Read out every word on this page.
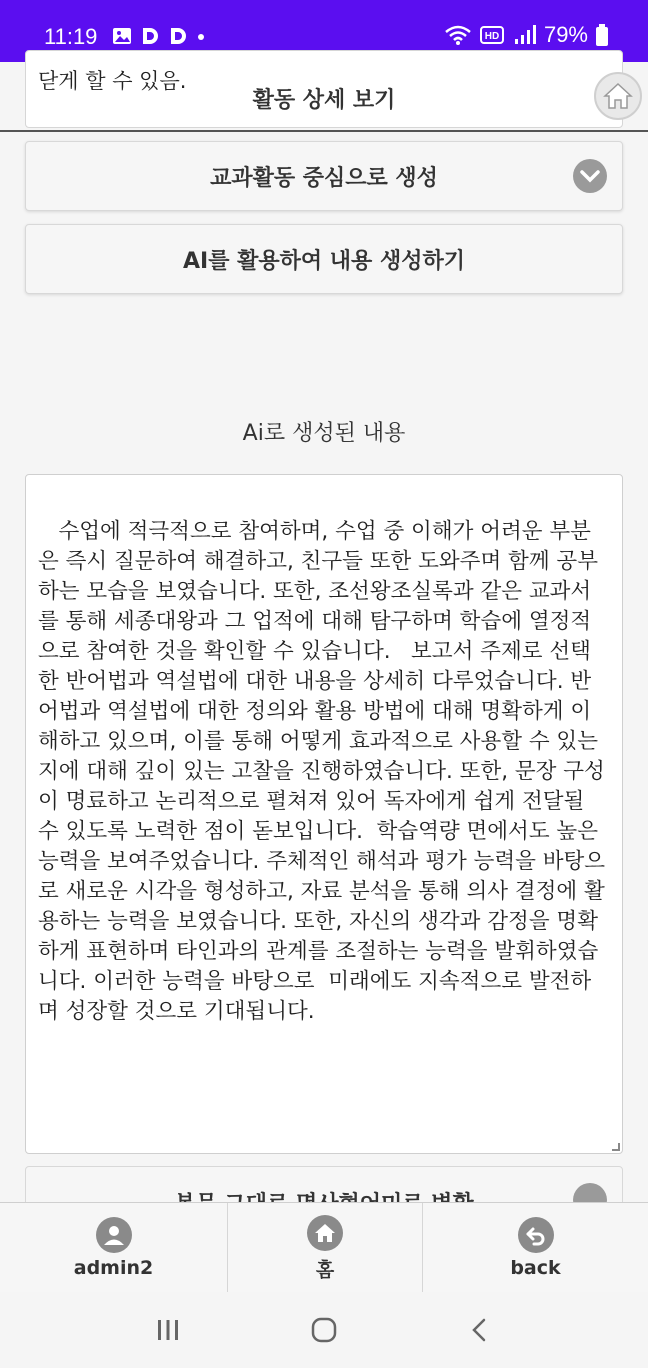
11:19	HD 79%
닫게 할 수 있음.
활동 상세 보기
교과활동 중심으로 생성
AI를 활용하여 내용 생성하기
Ai로 생성된 내용

수업에 적극적으로 참여하며, 수업 중 이해가 어려운 부분은 즉시 질문하여 해결하고, 친구들 또한 도와주며 함께 공부하는 모습을 보였습니다. 또한, 조선왕조실록과 같은 교과서를 통해 세종대왕과 그 업적에 대해 탐구하며 학습에 열정적으로 참여한 것을 확인할 수 있습니다.   보고서 주제로 선택한 반어법과 역설법에 대한 내용을 상세히 다루었습니다. 반어법과 역설법에 대한 정의와 활용 방법에 대해 명확하게 이해하고 있으며, 이를 통해 어떻게 효과적으로 사용할 수 있는지에 대해 깊이 있는 고찰을 진행하였습니다. 또한, 문장 구성이 명료하고 논리적으로 펼쳐져 있어 독자에게 쉽게 전달될 수 있도록 노력한 점이 돋보입니다.  학습역량 면에서도 높은 능력을 보여주었습니다. 주체적인 해석과 평가 능력을 바탕으로 새로운 시각을 형성하고, 자료 분석을 통해 의사 결정에 활용하는 능력을 보였습니다. 또한, 자신의 생각과 감정을 명확하게 표현하며 타인과의 관계를 조절하는 능력을 발휘하였습니다. 이러한 능력을 바탕으로  미래에도 지속적으로 발전하며 성장할 것으로 기대됩니다.

admin2	홈	back
